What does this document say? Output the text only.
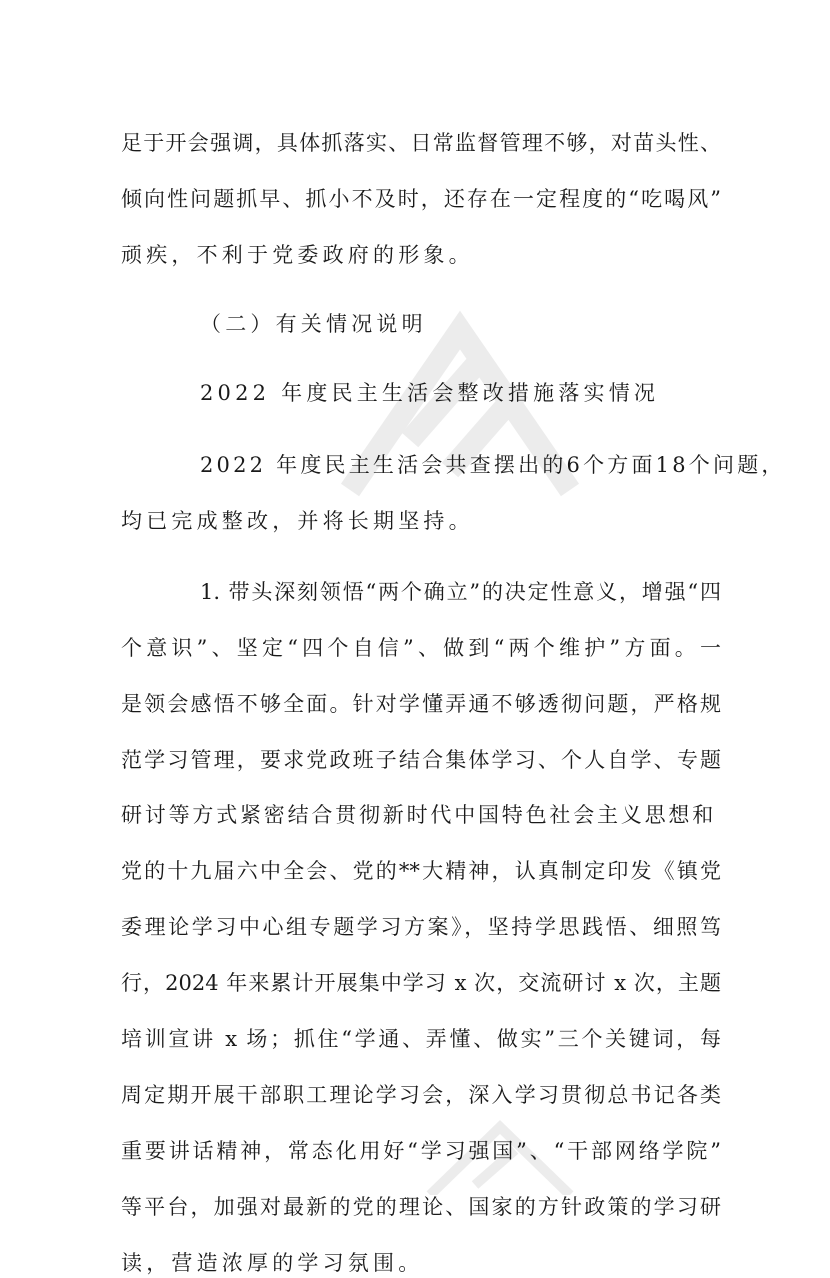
足于开会强调，具体抓落实、日常监督管理不够，对苗头性、
倾向性问题抓早、抓小不及时，还存在一定程度的“吃喝风”
顽疾，不利于党委政府的形象。
（二）有关情况说明
2022 年度民主生活会整改措施落实情况
2022 年度民主生活会共查摆出的6个方面18个问题，
均已完成整改，并将长期坚持。
1. 带头深刻领悟“两个确立”的决定性意义，增强“四
个意识”、坚定“四个自信”、做到“两个维护”方面。一
是领会感悟不够全面。针对学懂弄通不够透彻问题，严格规
范学习管理，要求党政班子结合集体学习、个人自学、专题
研讨等方式紧密结合贯彻新时代中国特色社会主义思想和
党的十九届六中全会、党的**大精神，认真制定印发《镇党
委理论学习中心组专题学习方案》，坚持学思践悟、细照笃
行，2024 年来累计开展集中学习 x 次，交流研讨 x 次，主题
培训宣讲 x 场；抓住“学通、弄懂、做实”三个关键词，每
周定期开展干部职工理论学习会，深入学习贯彻总书记各类
重要讲话精神，常态化用好“学习强国”、“干部网络学院”
等平台，加强对最新的党的理论、国家的方针政策的学习研
读，营造浓厚的学习氛围。
